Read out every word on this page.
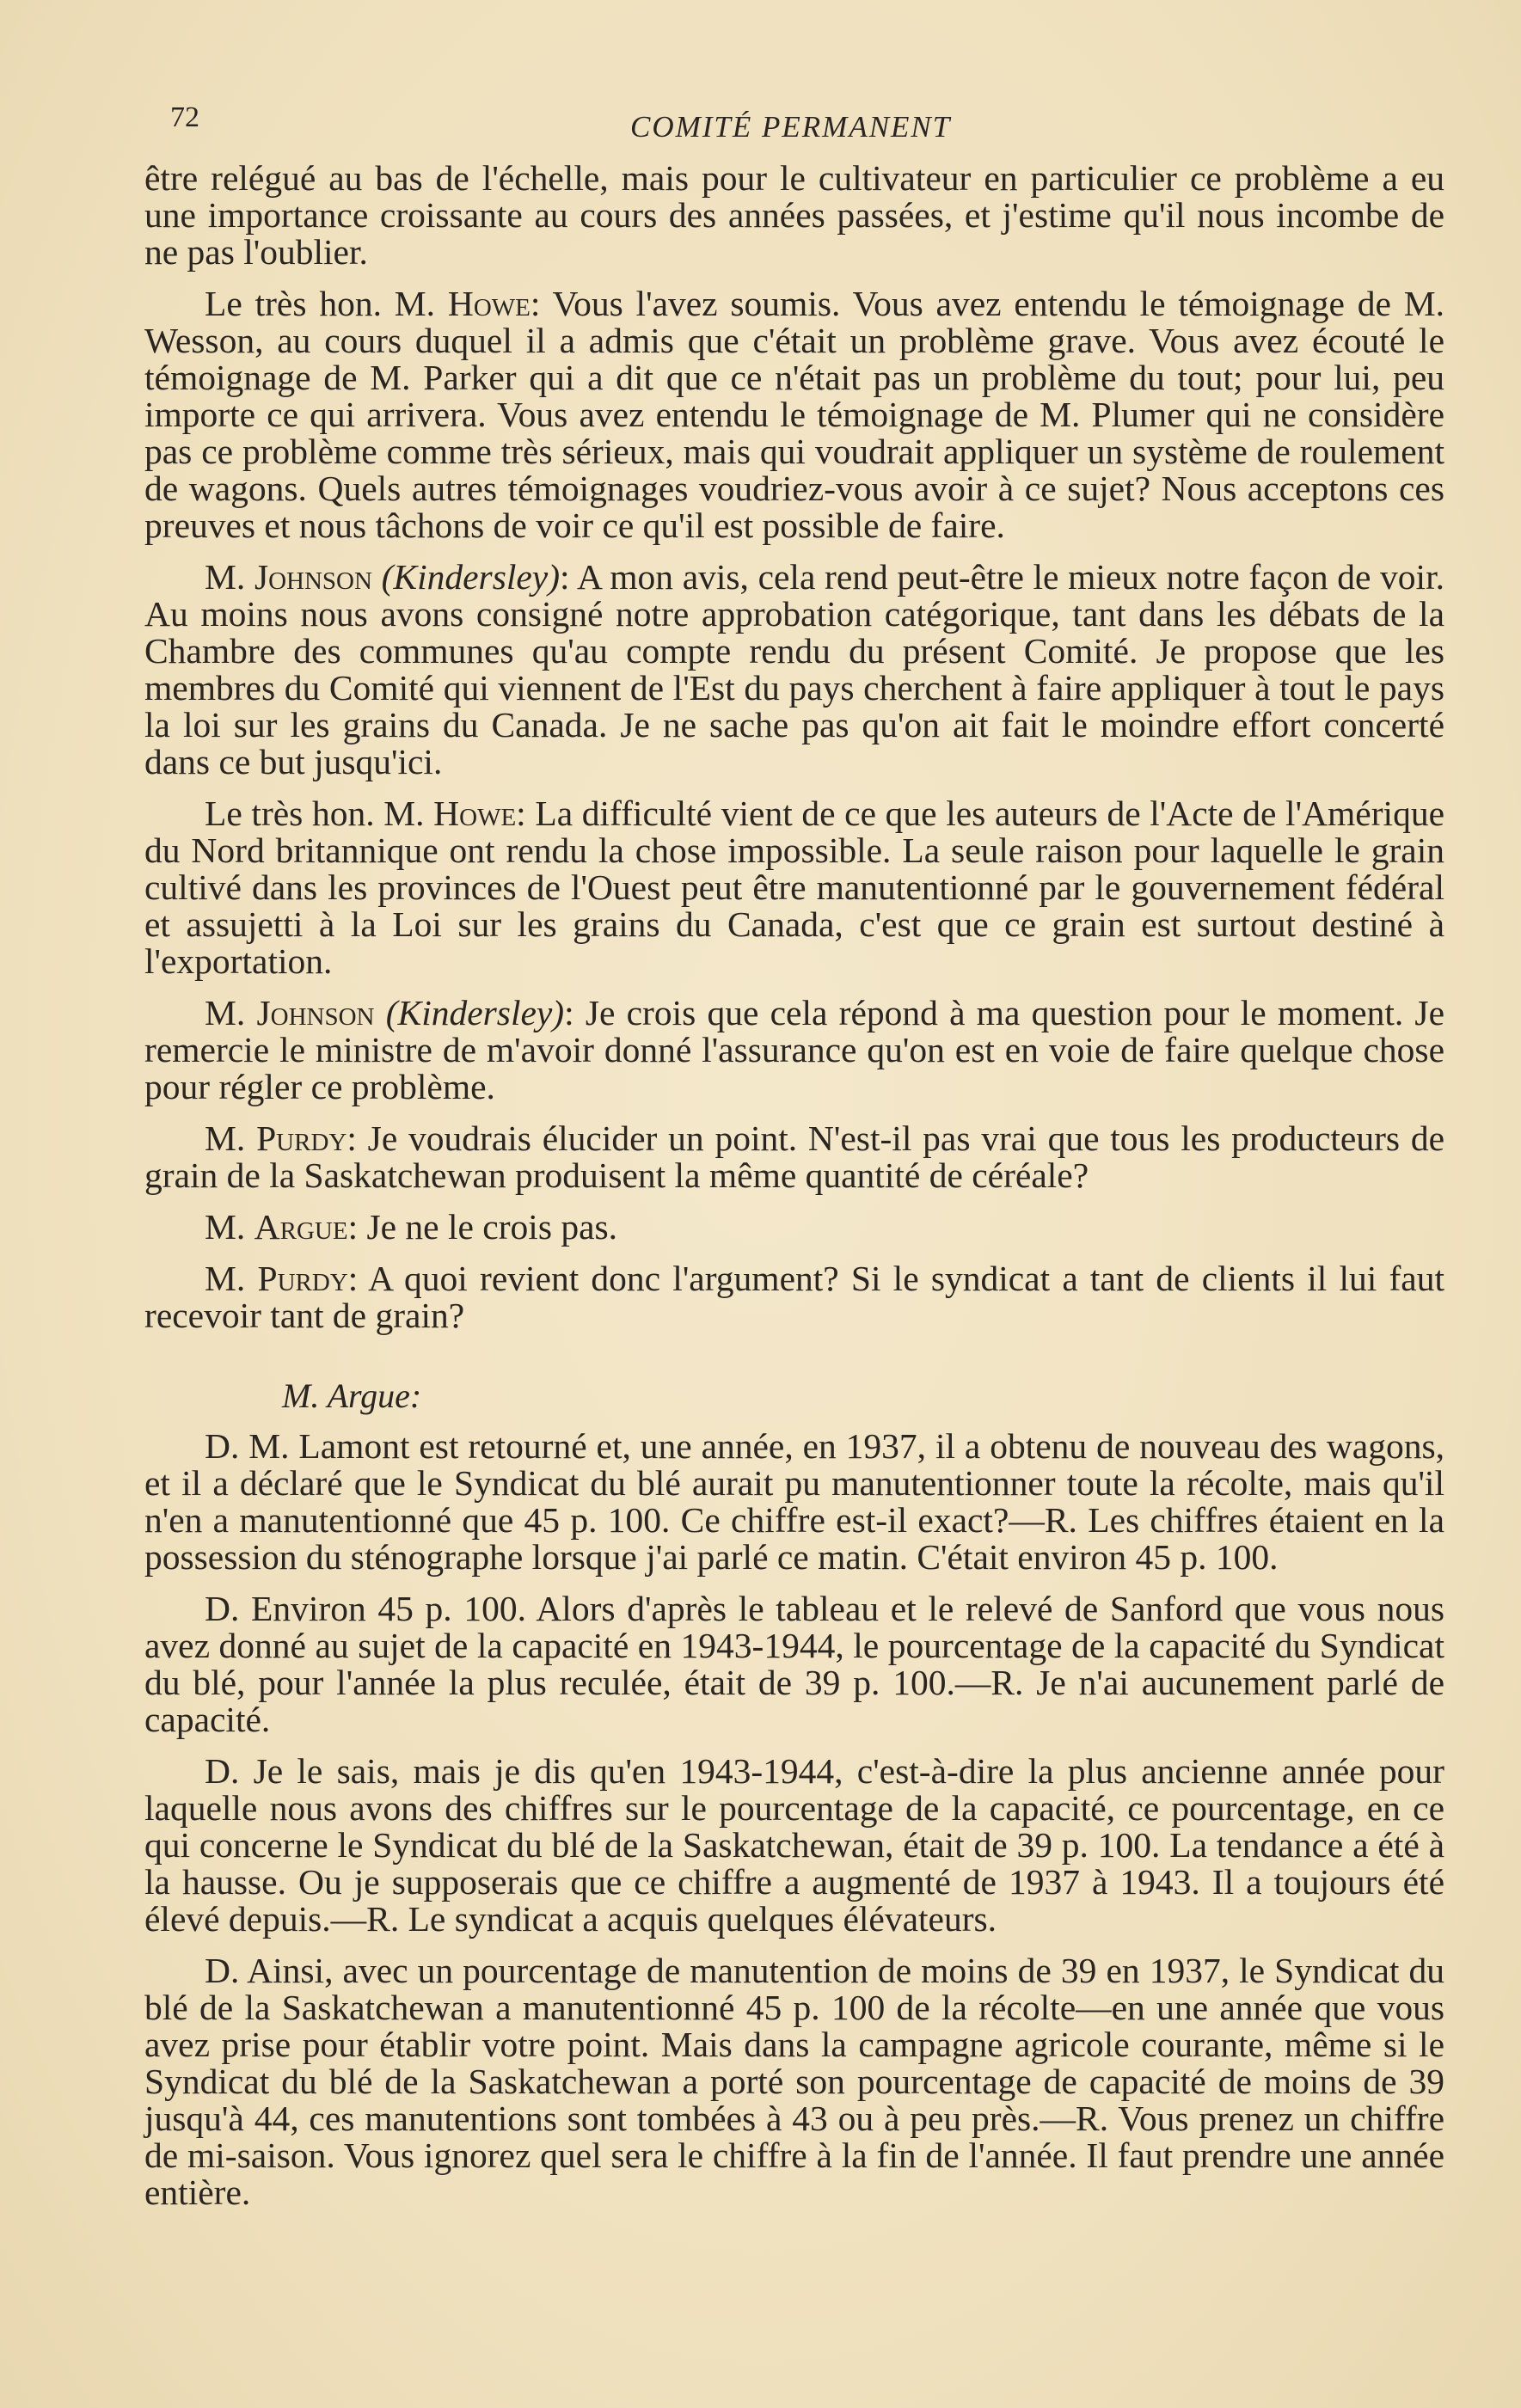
72	COMITÉ PERMANENT

être relégué au bas de l'échelle, mais pour le cultivateur en particulier ce problème a eu une importance croissante au cours des années passées, et j'estime qu'il nous incombe de ne pas l'oublier.

Le très hon. M. Howe: Vous l'avez soumis. Vous avez entendu le témoignage de M. Wesson, au cours duquel il a admis que c'était un problème grave. Vous avez écouté le témoignage de M. Parker qui a dit que ce n'était pas un problème du tout; pour lui, peu importe ce qui arrivera. Vous avez entendu le témoignage de M. Plumer qui ne considère pas ce problème comme très sérieux, mais qui voudrait appliquer un système de roulement de wagons. Quels autres témoignages voudriez-vous avoir à ce sujet? Nous acceptons ces preuves et nous tâchons de voir ce qu'il est possible de faire.

M. Johnson (Kindersley): A mon avis, cela rend peut-être le mieux notre façon de voir. Au moins nous avons consigné notre approbation catégorique, tant dans les débats de la Chambre des communes qu'au compte rendu du présent Comité. Je propose que les membres du Comité qui viennent de l'Est du pays cherchent à faire appliquer à tout le pays la loi sur les grains du Canada. Je ne sache pas qu'on ait fait le moindre effort concerté dans ce but jusqu'ici.

Le très hon. M. Howe: La difficulté vient de ce que les auteurs de l'Acte de l'Amérique du Nord britannique ont rendu la chose impossible. La seule raison pour laquelle le grain cultivé dans les provinces de l'Ouest peut être manutentionné par le gouvernement fédéral et assujetti à la Loi sur les grains du Canada, c'est que ce grain est surtout destiné à l'exportation.

M. Johnson (Kindersley): Je crois que cela répond à ma question pour le moment. Je remercie le ministre de m'avoir donné l'assurance qu'on est en voie de faire quelque chose pour régler ce problème.

M. Purdy: Je voudrais élucider un point. N'est-il pas vrai que tous les producteurs de grain de la Saskatchewan produisent la même quantité de céréale?

M. Argue: Je ne le crois pas.

M. Purdy: A quoi revient donc l'argument? Si le syndicat a tant de clients il lui faut recevoir tant de grain?

M. Argue:

D. M. Lamont est retourné et, une année, en 1937, il a obtenu de nouveau des wagons, et il a déclaré que le Syndicat du blé aurait pu manutentionner toute la récolte, mais qu'il n'en a manutentionné que 45 p. 100. Ce chiffre est-il exact?—R. Les chiffres étaient en la possession du sténographe lorsque j'ai parlé ce matin. C'était environ 45 p. 100.

D. Environ 45 p. 100. Alors d'après le tableau et le relevé de Sanford que vous nous avez donné au sujet de la capacité en 1943-1944, le pourcentage de la capacité du Syndicat du blé, pour l'année la plus reculée, était de 39 p. 100.—R. Je n'ai aucunement parlé de capacité.

D. Je le sais, mais je dis qu'en 1943-1944, c'est-à-dire la plus ancienne année pour laquelle nous avons des chiffres sur le pourcentage de la capacité, ce pourcentage, en ce qui concerne le Syndicat du blé de la Saskatchewan, était de 39 p. 100. La tendance a été à la hausse. Ou je supposerais que ce chiffre a augmenté de 1937 à 1943. Il a toujours été élevé depuis.—R. Le syndicat a acquis quelques élévateurs.

D. Ainsi, avec un pourcentage de manutention de moins de 39 en 1937, le Syndicat du blé de la Saskatchewan a manutentionné 45 p. 100 de la récolte—en une année que vous avez prise pour établir votre point. Mais dans la campagne agricole courante, même si le Syndicat du blé de la Saskatchewan a porté son pourcentage de capacité de moins de 39 jusqu'à 44, ces manutentions sont tombées à 43 ou à peu près.—R. Vous prenez un chiffre de mi-saison. Vous ignorez quel sera le chiffre à la fin de l'année. Il faut prendre une année entière.
